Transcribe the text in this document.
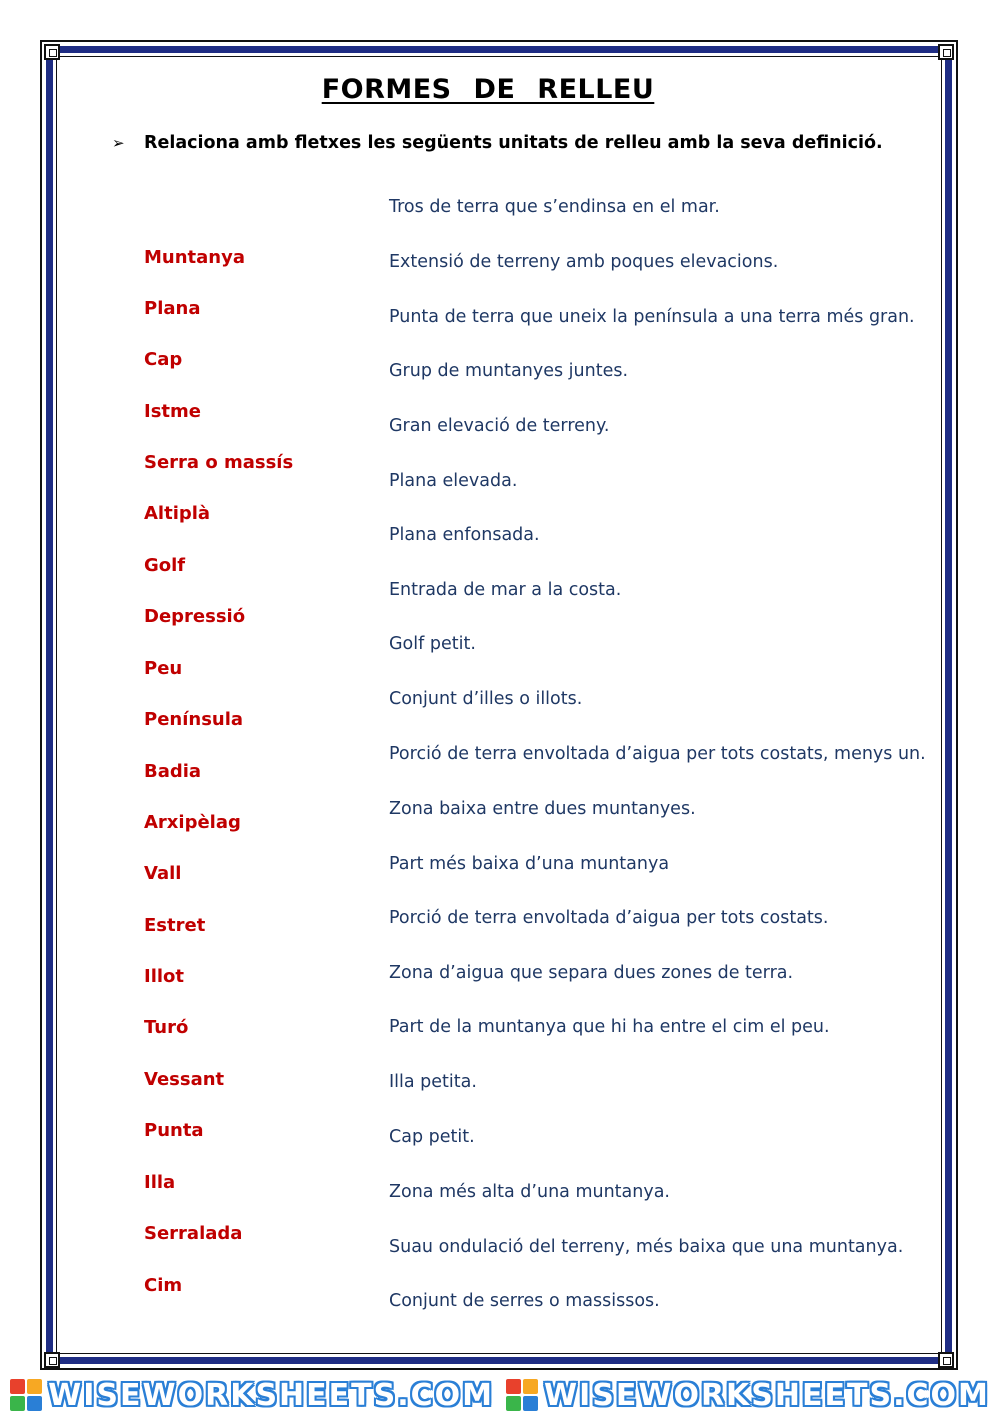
FORMES DE RELLEU
➢ Relaciona amb fletxes les següents unitats de relleu amb la seva definició.
Muntanya
Plana
Cap
Istme
Serra o massís
Altiplà
Golf
Depressió
Peu
Península
Badia
Arxipèlag
Vall
Estret
Illot
Turó
Vessant
Punta
Illa
Serralada
Cim
Tros de terra que s’endinsa en el mar.
Extensió de terreny amb poques elevacions.
Punta de terra que uneix la península a una terra més gran.
Grup de muntanyes juntes.
Gran elevació de terreny.
Plana elevada.
Plana enfonsada.
Entrada de mar a la costa.
Golf petit.
Conjunt d’illes o illots.
Porció de terra envoltada d’aigua per tots costats, menys un.
Zona baixa entre dues muntanyes.
Part més baixa d’una muntanya
Porció de terra envoltada d’aigua per tots costats.
Zona d’aigua que separa dues zones de terra.
Part de la muntanya que hi ha entre el cim el peu.
Illa petita.
Cap petit.
Zona més alta d’una muntanya.
Suau ondulació del terreny, més baixa que una muntanya.
Conjunt de serres o massissos.
WISEWORKSHEETS.COM WISEWORKSHEETS.COM
